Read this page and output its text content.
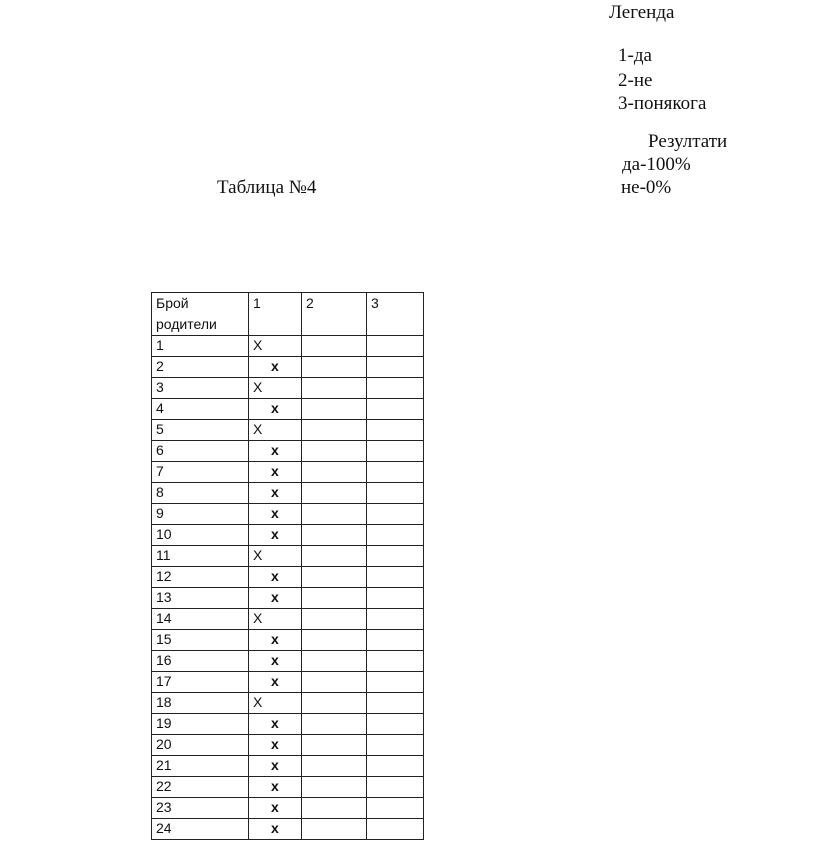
Легенда
1-да
2-не
3-понякога
Резултати
да-100%
не-0%
Таблица №4
Брой родители	1	2	3
1	X		
2	x		
3	X		
4	x		
5	X		
6	x		
7	x		
8	x		
9	x		
10	x		
11	X		
12	x		
13	x		
14	X		
15	x		
16	x		
17	x		
18	X		
19	x		
20	x		
21	x		
22	x		
23	x		
24	x		
